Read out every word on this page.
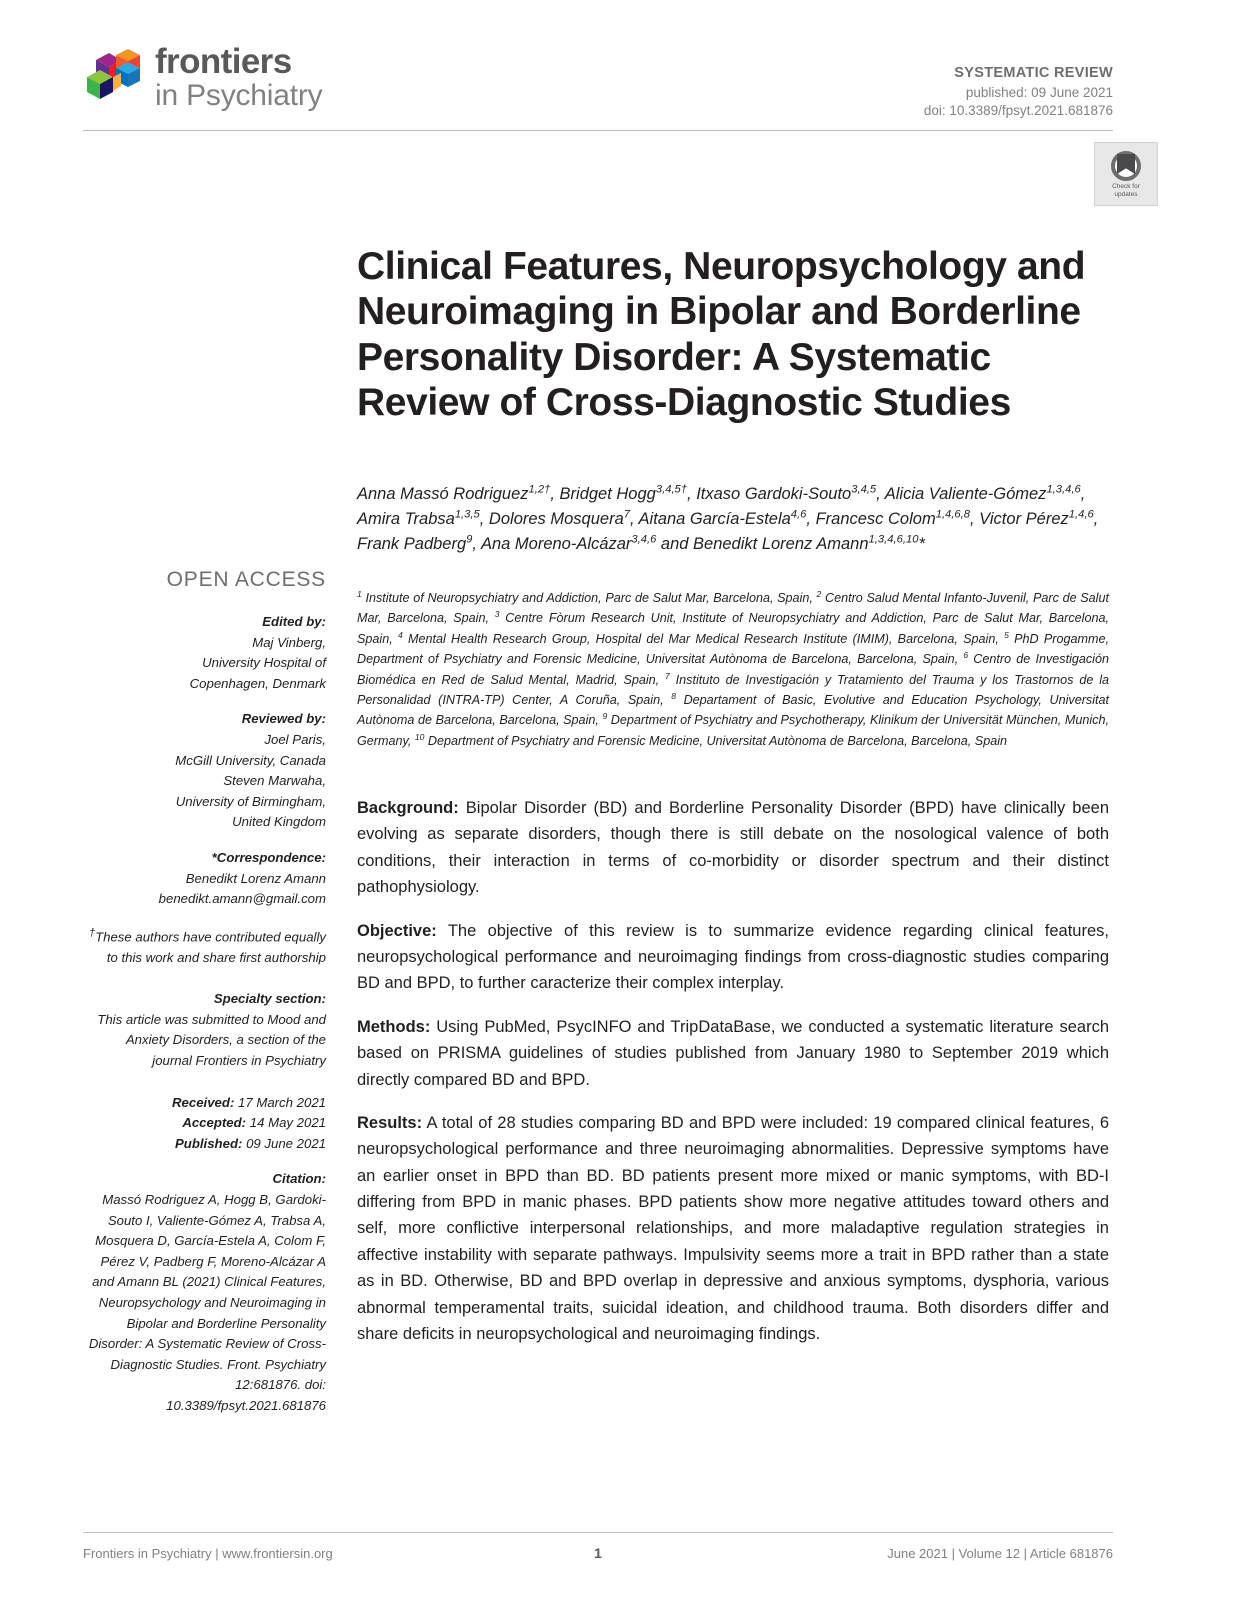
frontiers
in Psychiatry
SYSTEMATIC REVIEW
published: 09 June 2021
doi: 10.3389/fpsyt.2021.681876
Check for
updates
Clinical Features, Neuropsychology and Neuroimaging in Bipolar and Borderline Personality Disorder: A Systematic Review of Cross-Diagnostic Studies
Anna Massó Rodriguez$^{1,2\dagger}$, Bridget Hogg$^{3,4,5\dagger}$, Itxaso Gardoki-Souto$^{3,4,5}$, Alicia Valiente-Gómez$^{1,3,4,6}$, Amira Trabsa$^{1,3,5}$, Dolores Mosquera$^7$, Aitana García-Estela$^{4,6}$, Francesc Colom$^{1,4,6,8}$, Victor Pérez$^{1,4,6}$, Frank Padberg$^9$, Ana Moreno-Alcázar$^{3,4,6}$ and Benedikt Lorenz Amann$^{1,3,4,6,10}$*
$^1$ Institute of Neuropsychiatry and Addiction, Parc de Salut Mar, Barcelona, Spain, $^2$ Centro Salud Mental Infanto-Juvenil, Parc de Salut Mar, Barcelona, Spain, $^3$ Centre Fòrum Research Unit, Institute of Neuropsychiatry and Addiction, Parc de Salut Mar, Barcelona, Spain, $^4$ Mental Health Research Group, Hospital del Mar Medical Research Institute (IMIM), Barcelona, Spain, $^5$ PhD Progamme, Department of Psychiatry and Forensic Medicine, Universitat Autònoma de Barcelona, Barcelona, Spain, $^6$ Centro de Investigación Biomédica en Red de Salud Mental, Madrid, Spain, $^7$ Instituto de Investigación y Tratamiento del Trauma y los Trastornos de la Personalidad (INTRA-TP) Center, A Coruña, Spain, $^8$ Departament of Basic, Evolutive and Education Psychology, Universitat Autònoma de Barcelona, Barcelona, Spain, $^9$ Department of Psychiatry and Psychotherapy, Klinikum der Universität München, Munich, Germany, $^{10}$ Department of Psychiatry and Forensic Medicine, Universitat Autònoma de Barcelona, Barcelona, Spain
OPEN ACCESS
Edited by:
Maj Vinberg,
University Hospital of
Copenhagen, Denmark
Reviewed by:
Joel Paris,
McGill University, Canada
Steven Marwaha,
University of Birmingham,
United Kingdom
*Correspondence:
Benedikt Lorenz Amann
benedikt.amann@gmail.com
†These authors have contributed equally to this work and share first authorship
Specialty section:
This article was submitted to Mood and Anxiety Disorders, a section of the journal Frontiers in Psychiatry
Received: 17 March 2021
Accepted: 14 May 2021
Published: 09 June 2021
Citation:
Massó Rodriguez A, Hogg B, Gardoki-Souto I, Valiente-Gómez A, Trabsa A, Mosquera D, García-Estela A, Colom F, Pérez V, Padberg F, Moreno-Alcázar A and Amann BL (2021) Clinical Features, Neuropsychology and Neuroimaging in Bipolar and Borderline Personality Disorder: A Systematic Review of Cross-Diagnostic Studies. Front. Psychiatry 12:681876. doi: 10.3389/fpsyt.2021.681876

Background: Bipolar Disorder (BD) and Borderline Personality Disorder (BPD) have clinically been evolving as separate disorders, though there is still debate on the nosological valence of both conditions, their interaction in terms of co-morbidity or disorder spectrum and their distinct pathophysiology.

Objective: The objective of this review is to summarize evidence regarding clinical features, neuropsychological performance and neuroimaging findings from cross-diagnostic studies comparing BD and BPD, to further caracterize their complex interplay.

Methods: Using PubMed, PsycINFO and TripDataBase, we conducted a systematic literature search based on PRISMA guidelines of studies published from January 1980 to September 2019 which directly compared BD and BPD.

Results: A total of 28 studies comparing BD and BPD were included: 19 compared clinical features, 6 neuropsychological performance and three neuroimaging abnormalities. Depressive symptoms have an earlier onset in BPD than BD. BD patients present more mixed or manic symptoms, with BD-I differing from BPD in manic phases. BPD patients show more negative attitudes toward others and self, more conflictive interpersonal relationships, and more maladaptive regulation strategies in affective instability with separate pathways. Impulsivity seems more a trait in BPD rather than a state as in BD. Otherwise, BD and BPD overlap in depressive and anxious symptoms, dysphoria, various abnormal temperamental traits, suicidal ideation, and childhood trauma. Both disorders differ and share deficits in neuropsychological and neuroimaging findings.

Frontiers in Psychiatry | www.frontiersin.org	1	June 2021 | Volume 12 | Article 681876
